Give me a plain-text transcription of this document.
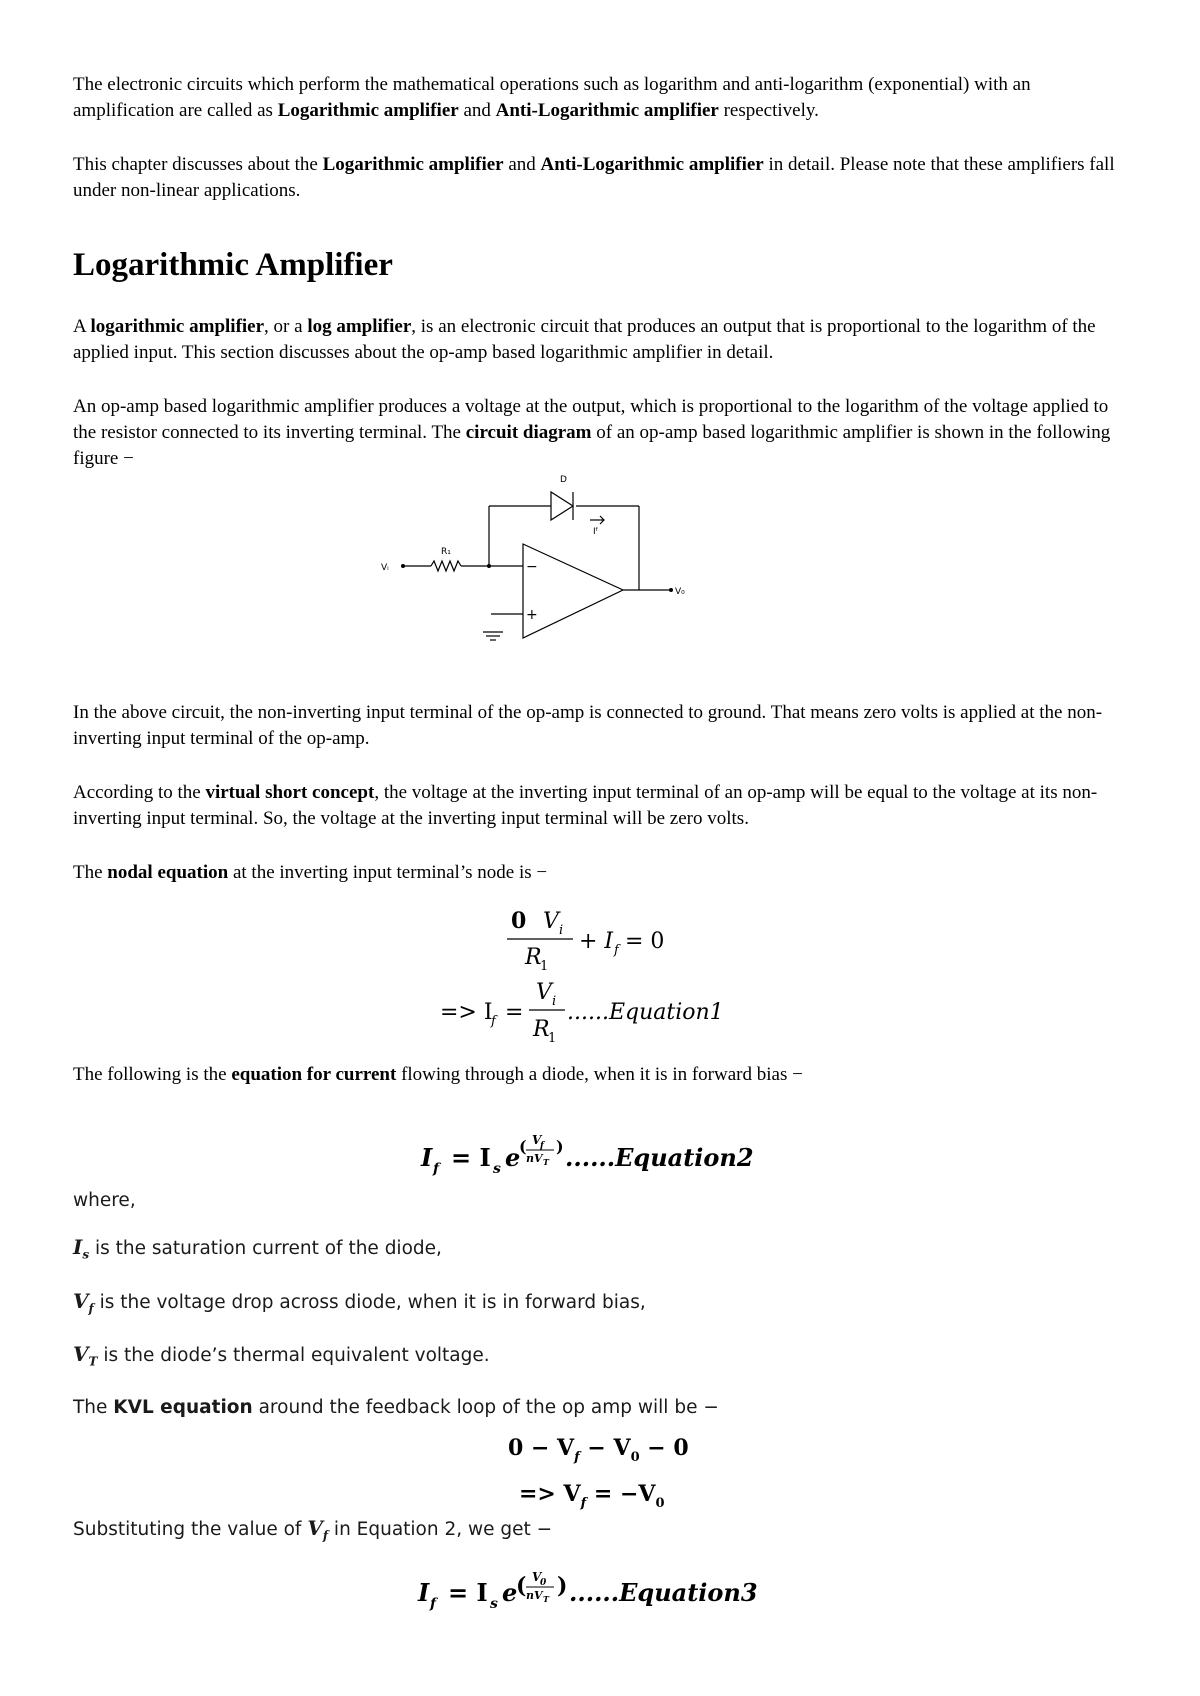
The electronic circuits which perform the mathematical operations such as logarithm and anti-logarithm (exponential) with an amplification are called as Logarithmic amplifier and Anti-Logarithmic amplifier respectively.

This chapter discusses about the Logarithmic amplifier and Anti-Logarithmic amplifier in detail. Please note that these amplifiers fall under non-linear applications.

Logarithmic Amplifier

A logarithmic amplifier, or a log amplifier, is an electronic circuit that produces an output that is proportional to the logarithm of the applied input. This section discusses about the op-amp based logarithmic amplifier in detail.

An op-amp based logarithmic amplifier produces a voltage at the output, which is proportional to the logarithm of the voltage applied to the resistor connected to its inverting terminal. The circuit diagram of an op-amp based logarithmic amplifier is shown in the following figure −

D
R₁
Vᵢ
V₀
Iᶠ
−
+

In the above circuit, the non-inverting input terminal of the op-amp is connected to ground. That means zero volts is applied at the non-inverting input terminal of the op-amp.

According to the virtual short concept, the voltage at the inverting input terminal of an op-amp will be equal to the voltage at its non-inverting input terminal. So, the voltage at the inverting input terminal will be zero volts.

The nodal equation at the inverting input terminal’s node is −

0 V i
R
1
+ I f = 0
=> I
f =
V i
R
1
......Equation1

The following is the equation for current flowing through a diode, when it is in forward bias −

I f = I s e
( V
f
nV T
) ......Equation2

where,

$I_s$ is the saturation current of the diode,

$V_f$ is the voltage drop across diode, when it is in forward bias,

$V_T$ is the diode’s thermal equivalent voltage.

The KVL equation around the feedback loop of the op amp will be −

$0 - V_f - V_0 - 0$
=> $V_f = -V_0$

Substituting the value of $V_f$ in Equation 2, we get −

I f = I s e
( V
0
nV T ) ......Equation3
